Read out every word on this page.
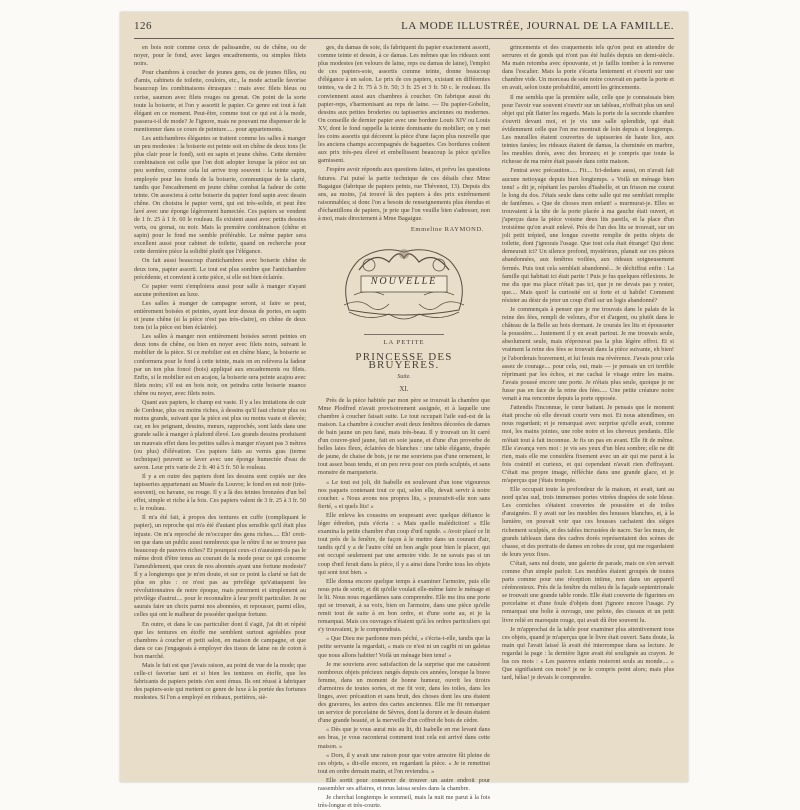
126	LA MODE ILLUSTRÉE, JOURNAL DE LA FAMILLE.

en bois noir comme ceux de palissandre, ou de chêne, ou de noyer, pour le fond, avec larges encadrements, ou simples filets noirs.

Pour chambres à coucher de jeunes gens, ou de jeunes filles, ou d'amis, cabinets de toilette, couloirs, etc., la mode actuelle favorise beaucoup les combinaisons étrusques : mais avec filets bleus ou cerise, saumon avec filets rouges ou grenat. On point de la sorte toute la boiserie, et l'on y assortit le papier. Ce genre est tout à fait élégant en ce moment. Peut-être, comme tout ce qui est à la mode, passera-t-il de mode? Je l'ignore, mais ne pouvant me dispenser de le mentionner dans ce cours de peinture..... pour appartements.

Les antichambres élégantes se traitent comme les salles à manger un peu modestes : la boiserie est peinte soit en chêne de deux tons (le plus clair pour le fond), soit en sapin et jeune chêne. Cette dernière combinaison est celle que l'on doit adopter lorsque la pièce est un peu sombre, comme cela lui arrive trop souvent : la teinte sapin, employée pour les fonds de la boiserie, communique de la clarté, tandis que l'encadrement en jeune chêne combat la fadeur de cette teinte. On associera à cette boiserie du papier fond sapin avec dessin chêne. On choisira le papier verni, qui est très-solide, et peut être lavé avec une éponge légèrement humectée. Ces papiers se vendent de 1 fr. 25 à 1 fr. 60 le rouleau. Ils existent aussi avec petits dessins verts, ou grenat, ou noir. Mais la première combinaison (chêne et sapin) pour le fond me semble préférable. Le même papier sera excellent aussi pour cabinet de toilette, quand on recherche pour cette dernière pièce la solidité plutôt que l'élégance.

On fait aussi beaucoup d'antichambres avec boiserie chêne de deux tons, papier assorti. Le tout est plus sombre que l'antichambre précédente, et convient à cette pièce, si elle est bien éclairée.

Ce papier verni s'emploiera aussi pour salle à manger n'ayant aucune prétention au luxe.

Les salles à manger de campagne seront, si faire se peut, entièrement boisées et peintes, ayant leur dessus de portes, en sapin et jeune chêne (si la pièce n'est pas très-claire), en chêne de deux tons (si la pièce est bien éclairée).

Les salles à manger non entièrement boisées seront peintes en deux tons de chêne, ou bien en noyer avec filets noirs, suivant le mobilier de la pièce. Si ce mobilier est en chêne blanc, la boiserie se conformera pour le fond à cette teinte, mais on en relèvera la fadeur par un ton plus foncé (bois) appliqué aux encadrements ou filets. Enfin, si le mobilier est en acajou, la boiserie sera peinte acajou avec filets noirs; s'il est en bois noir, on peindra cette boiserie nuance chêne ou noyer, avec filets noirs.

Quant aux papiers, le champ est vaste. Il y a les imitations de cuir de Cordoue, plus ou moins riches, à dessins qu'il faut choisir plus ou moins grands, suivant que la pièce est plus ou moins vaste et élevée; car, en les peignant, dessins, mœurs, rapprochés, sont laids dans une grande salle à manger à plafond élevé. Les grands dessins produisent un mauvais effet dans les petites salles à manger n'ayant pas 3 mètres (ou plus) d'élévation. Ces papiers faits au vernis gras (terme technique) peuvent se laver avec une éponge humectée d'eau de savon. Leur prix varie de 2 fr. 40 à 5 fr. 50 le rouleau.

Il y a en outre des papiers dont les dessins sont copiés sur des tapisseries appartenant au Musée du Louvre; le fond en est noir (très-souvent), ou havane, ou rouge. Il y a là des teintes bronzées d'un bel effet, simple et riche à la fois. Ces papiers valent de 3 fr. 25 à 3 fr. 50 c. le rouleau.

Il m'a été fait, à propos des tentures en cuffe (compliquant le papier), un reproche qui m'a été d'autant plus sensible qu'il était plus injuste. On m'a reproché de m'occuper des gens riches..... Eh! croit-on que dans un public aussi nombreux que le nôtre il ne se trouve pas beaucoup de pauvres riches? Et pourquoi ceux-ci n'auraient-ils pas le même droit d'être tenus au courant de la mode pour ce qui concerne l'ameublement, que ceux de nos abonnés ayant une fortune modeste? Il y a longtemps que je m'en doute, et sur ce point la clarté se fait de plus en plus : ce n'est pas au privilège qu's'attaquent les révolutionnaires de notre époque, mais purement et simplement au privilège d'autrui.... pour le reconnaître à leur profit particulier. Je ne saurais faire un choix parmi nos abonnées, et repousser, parmi elles, celles qui ont le malheur de posséder quelque fortune.

En outre, et dans le cas particulier dont il s'agit, j'ai dit et répété que les tentures en étoffe me semblent surtout agréables pour chambres à coucher et petit salon, en maison de campagne, et que dans ce cas j'engageais à employer des tissus de laine ou de coton à bon marché.

Mais le fait est que j'avais raison, au point de vue de la mode; que celle-ci favorise tant et si bien les tentures en étoffe, que les fabricants de papiers peints s'en sont émus. Ils ont réussi à fabriquer des papiers-soie qui mettent ce genre de luxe à la portée des fortunes modestes. Si l'on a employé en rideaux, portières, siè-

ges, du damas de soie, ils fabriquent du papier exactement assorti, comme teinte et dessin, à ce damas. Les mêmes que les rideaux sont plus modestes (en velours de laine, reps ou damas de laine), l'emploi de ces papiers-soie, assortis comme teinte, donne beaucoup d'élégance à un salon. Le prix de ces papiers, existant en différentes teintes, va de 2 fr. 75 à 3 fr. 50; 3 fr. 25 et 3 fr. 50 c. le rouleau. Ils conviennent aussi aux chambres à coucher. On fabrique aussi du papier-reps, s'harmonisant au reps de laine. — Du papier-Gobelin, dessins aux petites broderies ou tapisseries anciennes ou modernes. On conseille de dernier papier avec une bordure Louis XIV ou Louis XV, dont le fond rappelle la teinte dominante du mobilier; on y met les coins assortis qui décorent la pièce d'une façon plus nouvelle que les anciens champs accompagnés de baguettes. Ces bordures coûtent aux prix très-peu élevé et embellissent beaucoup la pièce qu'elles garnissent.

J'espère avoir répondu aux questions faites, et prévu les questions futures. J'ai puisé la partie technique de ces détails chez Mme Bagaigue (fabrique de papiers peints, rue Thévenot, 13). Depuis dix ans, au moins, j'ai trouvé là des papiers à des prix extrêmement raisonnables; si donc l'on a besoin de renseignements plus étendus et d'échantillons de papiers, je prie que l'on veuille bien s'adresser, non à moi, mais directement à Mme Bagaigue.

Emmeline RAYMOND.
NOUVELLE
LA PETITE
PRINCESSE DES BRUYÈRES.
Suite.
XI.

Près de la pièce habitée par mon père se trouvait la chambre que Mme Plodfred n'avait provisoirement assignée, et à laquelle une chambre à coucher faisait suite. Le tout occupait l'aile sud-est de la maison. La chambre à coucher avait deux fenêtres décorées de dames de bain jaune un peu fané, mais très-beau. Il y trouvait un lit carré d'un couvre-pied jaune, fait en soie jaune, et d'une d'un proverbe de belles laies fleux, éclairées de blanches : une table élégante, drapée de jaune, de chaise de bois, je ne me souviens pas d'une ornement, le tout assez beau tendu, et un peu revu pour ces pieds sculptés, et sans monstre de marqueterie.

« Le tout est joli, dit Isabelle en soulevant d'un tone vigoureux nos paquets contenant tout ce qui, selon elle, devait servir à notre coucher. « Nous avons nos propres lits, » poursuivit-elle non sans fierté, « et quels lits! »

Elle enleva les coussins en soupesant avec quelque défiance le léger édredon, puis s'écria : « Mais quelle malédiction! » Elle examina la petite chambre d'un coup d'œil rapide. « Avoir placé ce lit tout près de la fenêtre, de façon à le mettre dans un courant d'air, tandis qu'il y a de l'autre côté un bon angle pour bien le placer, qui est occupé seulement par une armoire vide. Je ne savais pas si un coup d'œil ferait dans la pièce, il y a ainsi dans l'ordre tous les objets qui sont tout bien. »

Elle donna encore quelque temps à examiner l'armoire, puis elle nous pria de sortir, et dit qu'elle voulait elle-même faire le ménage et le lit. Nous nous regardâmes sans comprendre. Elle me tira une porte qui se trouvait, à sa voix, bien en l'armoire, dans une pièce qu'elle remit tout de suite à en bon ordre, et d'une sorte au, et je la remarquai. Mais ces ouvrages n'étaient qu'à les ordres particuliers qui s'y trouvaient, je le comprendrais.

« Que Dieu me pardonne mon péché, » s'écria-t-elle, tandis que la petite servante la regardait, « mais ce n'est ni un cagibi ni un galetas que nous allons habiter! Voilà un ménage bien tenu! »

Je me souviens avec satisfaction de la surprise que me causèrent nombreux objets précieux rangés depuis ces années, lorsque la brave femme, dans un moment de bonne humeur, ouvrit les tiroirs d'armoires de toutes sortes, et me fit voir, dans les toiles, dans les linges, avec précaution et sans bruit, des choses dont les uns étaient des gravures, les autres des cartes anciennes. Elle me fit remarquer un service de porcelaine de Sèvres, dont la dorure et le dessin étaient d'une grande beauté, et la merveille d'un coffret de bois de cèdre.

« Dès que je vous aurai mis au lit, dit Isabelle en me levant dans ses bras, je vous raconterai comment tout cela est arrivé dans cette maison. »

« Dors, il y avait une raison pour que votre armoire fût pleine de ces objets, » dit-elle encore, en regardant la pièce. « Je te remettrai tout en ordre demain matin, et l'on reviendra. »

Elle sortit pour conserver de trouver un autre endroit pour rassembler ses affaires, et nous laissa seules dans la chambre.

Je cherchai longtemps le sommeil, mais la nuit me parut à la fois très-longue et très-courte.

grincements et des craquements tels qu'on peut en attendre de serrures et de gonds qui n'ont pas été huilés depuis un demi-siècle. Ma main retomba avec épouvante, et je faillis tomber à la renverse dans l'escalier. Mais la porte s'écarta lentement et s'ouvrit sur une chambre vide. Un morceau de soie noire couvrait en partie la porte et en avait, selon toute probabilité, amorti les grincements.

Il me sembla que la première salle, celle que je connaissais bien pour l'avoir vue souvent s'ouvrir sur un tableau, n'offrait plus un seul objet qui pût flatter les regards. Mais la porte de la seconde chambre s'ouvrit devant moi, et je vis une salle splendide, qui était évidemment celle que l'on me montrait de loin depuis si longtemps. Les murailles étaient couvertes de tapisseries de haute lice, aux teintes fanées; les rideaux étaient de damas, la cheminée en marbre, les meubles dorés, avec des bronzes; et je compris que toute la richesse de ma mère était passée dans cette maison.

J'entrai avec précaution..... Fit.... Ici-dedans aussi, on n'avait fait aucune nettoyage depuis bien longtemps. « Voilà un ménage bien tenu! » dit je, répétant les paroles d'Isabelle, et un frisson me courut le long du dos. J'étais seule dans cette salle qui me semblait remplie de fantômes. « Que de choses mon enfant! » murmurai-je. Elles se trouvaient à la tête de la porte placée à ma gauche était ouvert, et j'aperçus dans la pièce voisine deux lits pareils, et la place d'un troisième qu'on avait enlevé. Près de l'un des lits se trouvait, sur un joli petit trépied, une longue cuvette remplie de petits objets de toilette, dont j'ignorais l'usage. Que tout cela était étrange! Qui donc demeurait ici? Un silence profond, mystérieux, planait sur ces pièces abandonnées, aux fenêtres voilées, aux rideaux soigneusement fermés. Puis tout cela semblait abandonné... Je déchiffrai enfin : La famille qui habitait ici était partie ! Puis je fus quelques réflexions. Je me dis que ma place n'était pas ici, que je ne devais pas y rester, que.... Mais quoi! la curiosité est si forte et si habile! Comment résister au désir de jeter un coup d'œil sur un logis abandonné?

Je commençais à penser que je me trouvais dans le palais de la reine des fées, rempli de velours, d'or et d'argent, ou plutôt dans le château de la Belle au bois dormant. Je courais les lits et épousseter la poussière.... Justement il y en avait partout. Je me trouvais seule, absolument seule, mais n'éprouvai pas la plus légère effroi. Et si vraiment la reine des fées se trouvait dans la pièce suivante, eh bien! je l'aborderais bravement, et lui ferais ma révérence. J'avais pour cela assez de courage.... pour cela, oui, mais — je pensais un cri terrible réprimant par les échos, et me cachai le visage entre les mains. J'avais poussé encore une porte. Je n'étais plus seule, quoique je ne fusse pas en face de la reine des fées..... Une petite créature noire venait à ma rencontre depuis la porte opposée.

J'attendis l'inconnue, le cœur battant. Je pensais que le moment était proche où elle devrait courir vers moi. Et nous attendîmes, en nous regardant; et je remarquai avec surprise qu'elle avait, comme moi, les mains jointes, une robe noire et les cheveux pendants. Elle m'était tout à fait inconnue. Je fis un pas en avant. Elle fit de même. Elle s'avança vers moi : je vis ses yeux d'un bleu sombre; elle ne dit rien, mais elle me considéra fixement avec un air qui me parut à la fois craintif et curieux, et qui cependant n'avait rien d'effrayant. C'était ma propre image, réfléchie dans une grande glace, et je m'aperçus que j'étais trompée.

Elle occupait toute la profondeur de la maison, et avait, tant au nord qu'au sud, trois immenses portes vitrées drapées de soie bleue. Les corniches s'étaient couvertes de poussière et de toiles d'araignées. Il y avait sur les meubles des housses blanches, et, à la lumière, on pouvait voir que ces housses cachaient des sièges richement sculptés, et des tables incrustées de nacre. Sur les murs, de grands tableaux dans des cadres dorés représentaient des scènes de chasse, et des portraits de dames en robes de cour, qui me regardaient de leurs yeux fixes.

C'était, sans nul doute, une galerie de parade, mais on s'en servait comme d'un simple parloir. Les meubles étaient groupés de toutes parts comme pour une réception intime, non dans un appareil cérémonieux. Près de la fenêtre du milieu de la façade septentrionale se trouvait une grande table ronde. Elle était couverte de figurines en porcelaine et d'une foule d'objets dont j'ignore encore l'usage. J'y remarquai une boîte à ouvrage, une pelote, des ciseaux et un petit livre relié en maroquin rouge, qui avait dû être souvent lu.

Je m'approchai de la table pour examiner plus attentivement tous ces objets, quand je m'aperçus que le livre était ouvert. Sans doute, la main qui l'avait laissé là avait été interrompue dans sa lecture. Je regardai la page : la dernière ligne avait été soulignée au crayon. Je lus ces mots : « Les pauvres enfants resteront seuls au monde.... » Que signifiaient ces mots? je ne le compris point alors; mais plus tard, hélas! je devais le comprendre.
